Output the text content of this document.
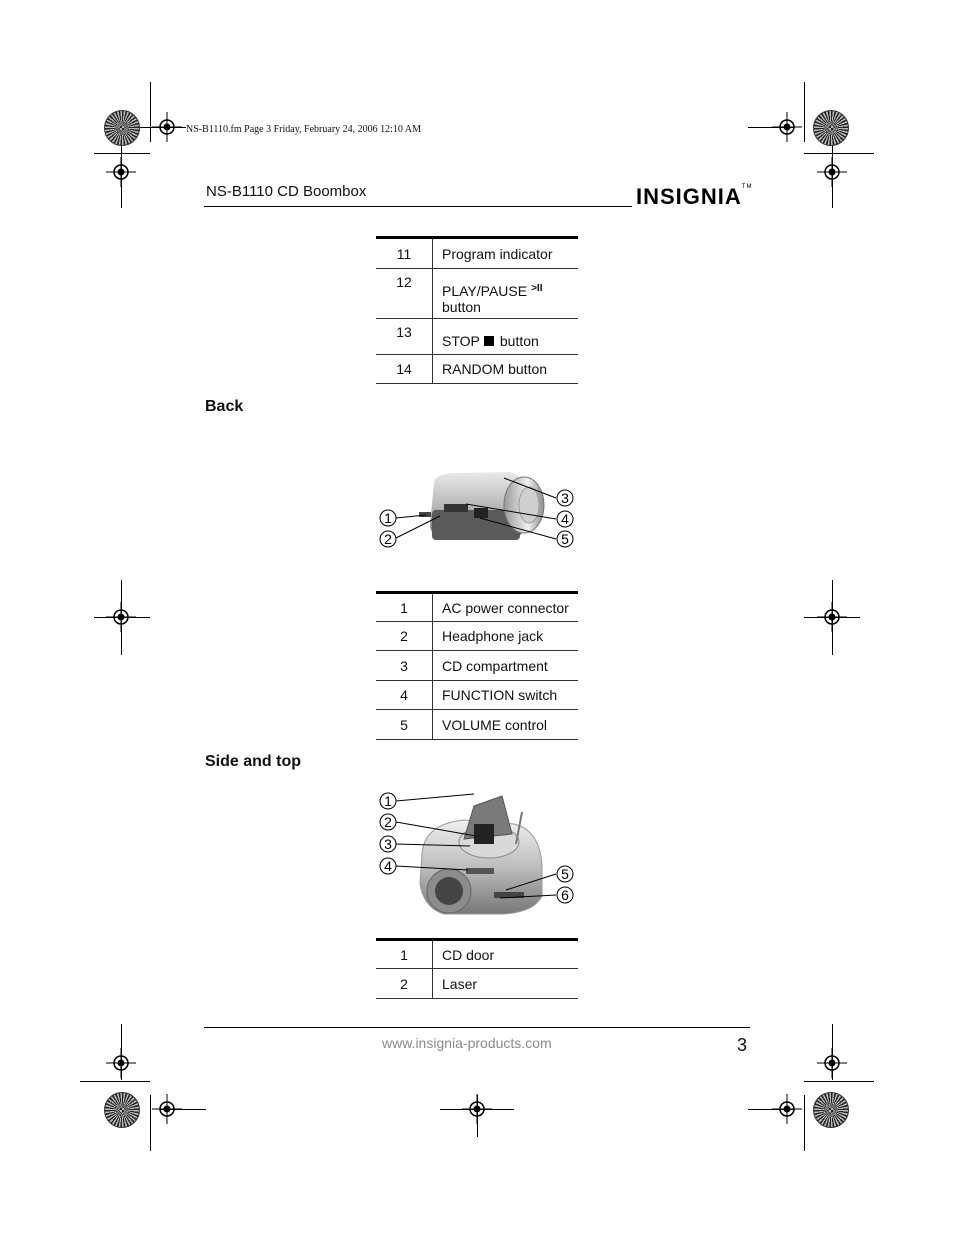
NS-B1110.fm Page 3 Friday, February 24, 2006 12:10 AM
NS-B1110 CD Boombox	INSIGNIA™
11	Program indicator
12	PLAY/PAUSE $^{>II}$
button
13	STOP button
14	RANDOM button
Back
1
2
3
4
5
1	AC power connector
2	Headphone jack
3	CD compartment
4	FUNCTION switch
5	VOLUME control
Side and top
1
2
3
4	5
6
1	CD door
2	Laser
www.insignia-products.com	3
